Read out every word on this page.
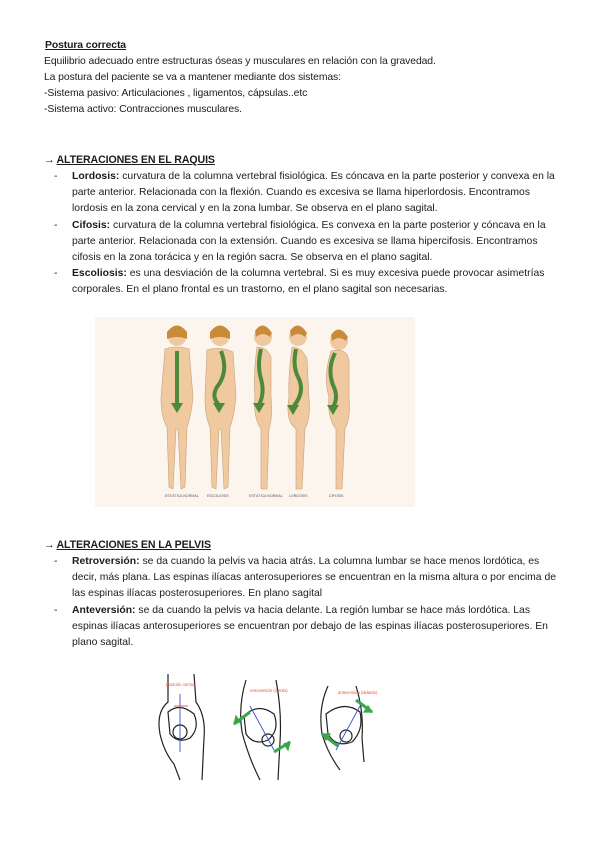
Postura correcta
Equilibrio adecuado entre estructuras óseas y musculares en relación con la gravedad.
La postura del paciente se va a mantener mediante dos sistemas:
-Sistema pasivo: Articulaciones , ligamentos, cápsulas..etc
-Sistema activo: Contracciones musculares.
→ ALTERACIONES EN EL RAQUIS
- Lordosis: curvatura de la columna vertebral fisiológica. Es cóncava en la parte posterior y convexa en la
parte anterior. Relacionada con la flexión. Cuando es excesiva se llama hiperlordosis. Encontramos
lordosis en la zona cervical y en la zona lumbar. Se observa en el plano sagital.
- Cifosis: curvatura de la columna vertebral fisiológica. Es convexa en la parte posterior y cóncava en la
parte anterior. Relacionada con la extensión. Cuando es excesiva se llama hipercifosis. Encontramos
cifosis en la zona torácica y en la región sacra. Se observa en el plano sagital.
- Escoliosis: es una desviación de la columna vertebral. Si es muy excesiva puede provocar asimetrías
corporales. En el plano frontal es un trastorno, en el plano sagital son necesarias.
ESTÁTICA NORMAL ESCOLIOSIS	ESTÁTICA NORMAL LORDOSIS	CIFOSIS
→ ALTERACIONES EN LA PELVIS
- Retroversión: se da cuando la pelvis va hacia atrás. La columna lumbar se hace menos lordótica, es
decir, más plana. Las espinas ilíacas anterosuperiores se encuentran en la misma altura o por encima de
las espinas ilíacas posterosuperiores. En plano sagital
- Anteversión: se da cuando la pelvis va hacia delante. La región lumbar se hace más lordótica. Las
espinas ilíacas anterosuperiores se encuentran por debajo de las espinas ilíacas posterosuperiores. En
plano sagital.
posición normal
retroversión (detrás)	anteversión (delante)
